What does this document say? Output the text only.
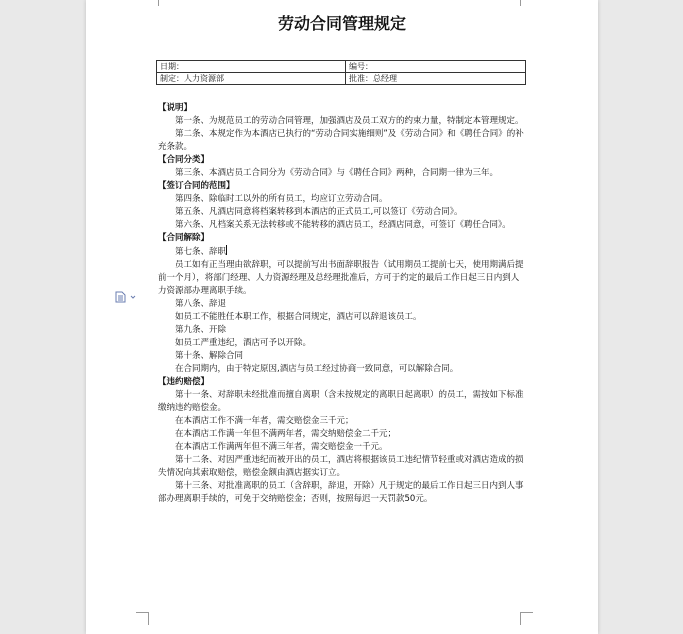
劳动合同管理规定
日期：	编号：
制定：人力资源部	批准：总经理

【说明】

第一条、为规范员工的劳动合同管理，加强酒店及员工双方的约束力量，特制定本管理规定。

第二条、本规定作为本酒店已执行的“劳动合同实施细则”及《劳动合同》和《聘任合同》的补充条款。

【合同分类】

第三条、本酒店员工合同分为《劳动合同》与《聘任合同》两种，合同期一律为三年。

【签订合同的范围】

第四条、除临时工以外的所有员工，均应订立劳动合同。

第五条、凡酒店同意将档案转移到本酒店的正式员工,可以签订《劳动合同》。

第六条、凡档案关系无法转移或不能转移的酒店员工，经酒店同意，可签订《聘任合同》。

【合同解除】

第七条、辞职

员工如有正当理由欲辞职，可以提前写出书面辞职报告（试用期员工提前七天，使用期满后提前一个月），将部门经理、人力资源经理及总经理批准后，方可于约定的最后工作日起三日内到人力资源部办理离职手续。

第八条、辞退

如员工不能胜任本职工作，根据合同规定，酒店可以辞退该员工。

第九条、开除

如员工严重违纪，酒店可予以开除。

第十条、解除合同

在合同期内，由于特定原因,酒店与员工经过协商一致同意，可以解除合同。

【违约赔偿】

第十一条、对辞职未经批准而擅自离职（含未按规定的离职日起离职）的员工，需按如下标准缴纳违约赔偿金。

在本酒店工作不满一年者，需交赔偿金三千元；

在本酒店工作满一年但不满两年者，需交纳赔偿金二千元；

在本酒店工作满两年但不满三年者，需交赔偿金一千元。

第十二条、对因严重违纪而被开出的员工，酒店将根据该员工违纪情节轻重或对酒店造成的损失情况向其索取赔偿，赔偿金额由酒店据实订立。

第十三条、对批准离职的员工（含辞职，辞退，开除）凡于规定的最后工作日起三日内到人事部办理离职手续的，可免于交纳赔偿金；否则，按照每迟一天罚款50元。
